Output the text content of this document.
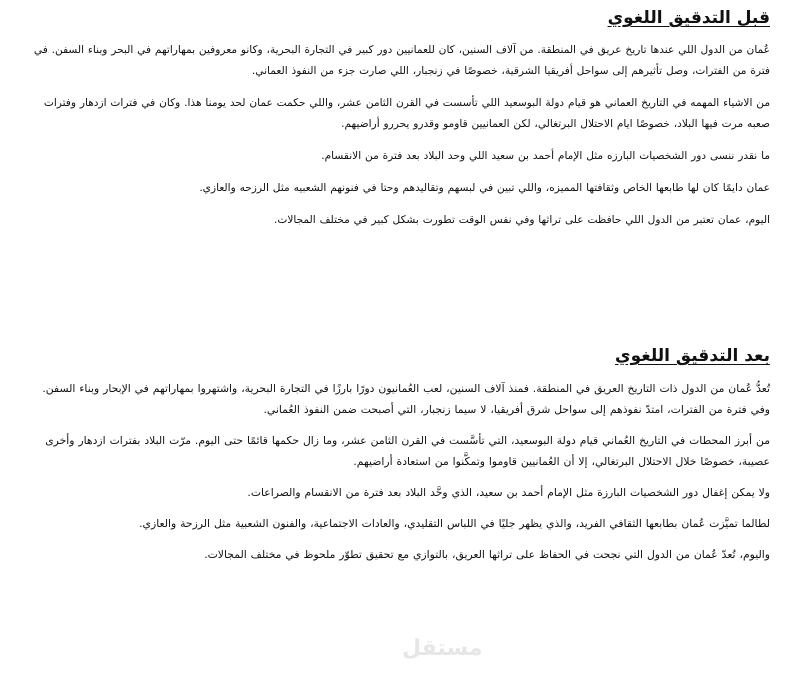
قبل التدقيق اللغوي

عُمان من الدول اللي عندها تاريخ عريق في المنطقة. من آلاف السنين، كان للعمانيين دور كبير في التجارة البحرية، وكانو معروفين بمهاراتهم في البحر وبناء السفن. في فترة من الفترات، وصل تأثيرهم إلى سواحل أفريقيا الشرقية، خصوصًا في زنجبار، اللي صارت جزء من النفوذ العماني.

من الاشياء المهمه في التاريخ العماني هو قيام دولة البوسعيد اللي تأسست في القرن الثامن عشر، واللي حكمت عمان لحد يومنا هذا. وكان في فترات ازدهار وفترات صعبه مرت فيها البلاد، خصوصًا ايام الاحتلال البرتغالي، لكن العمانيين قاومو وقدرو يحررو أراضيهم.

ما نقدر ننسى دور الشخصيات البارزه مثل الإمام أحمد بن سعيد اللي وحد البلاد بعد فترة من الانقسام.

عمان دايمًا كان لها طابعها الخاص وثقافتها المميزه، واللي تبين في لبسهم وتقاليدهم وحتا في فنونهم الشعبيه مثل الرزحه والعازي.

اليوم، عمان تعتبر من الدول اللي حافظت على تراثها وفي نفس الوقت تطورت بشكل كبير في مختلف المجالات.

بعد التدقيق اللغوي

تُعدُّ عُمان من الدول ذات التاريخ العريق في المنطقة. فمنذ آلاف السنين، لعب العُمانيون دورًا بارزًا في التجارة البحرية، واشتهروا بمهاراتهم في الإبحار وبناء السفن. وفي فترة من الفترات، امتدّ نفوذهم إلى سواحل شرق أفريقيا، لا سيما زنجبار، التي أصبحت ضمن النفوذ العُماني.

من أبرز المحطات في التاريخ العُماني قيام دولة البوسعيد، التي تأسَّست في القرن الثامن عشر، وما زال حكمها قائمًا حتى اليوم. مرّت البلاد بفترات ازدهار وأخرى عصيبة، خصوصًا خلال الاحتلال البرتغالي، إلا أن العُمانيين قاوموا وتمكَّنوا من استعادة أراضيهم.

ولا يمكن إغفال دور الشخصيات البارزة مثل الإمام أحمد بن سعيد، الذي وحَّد البلاد بعد فترة من الانقسام والصراعات.

لطالما تميَّزت عُمان بطابعها الثقافي الفريد، والذي يظهر جليًا في اللباس التقليدي، والعادات الاجتماعية، والفنون الشعبية مثل الرزحة والعازي.

واليوم، تُعدّ عُمان من الدول التي نجحت في الحفاظ على تراثها العريق، بالتوازي مع تحقيق تطوّر ملحوظ في مختلف المجالات.

مستقل
